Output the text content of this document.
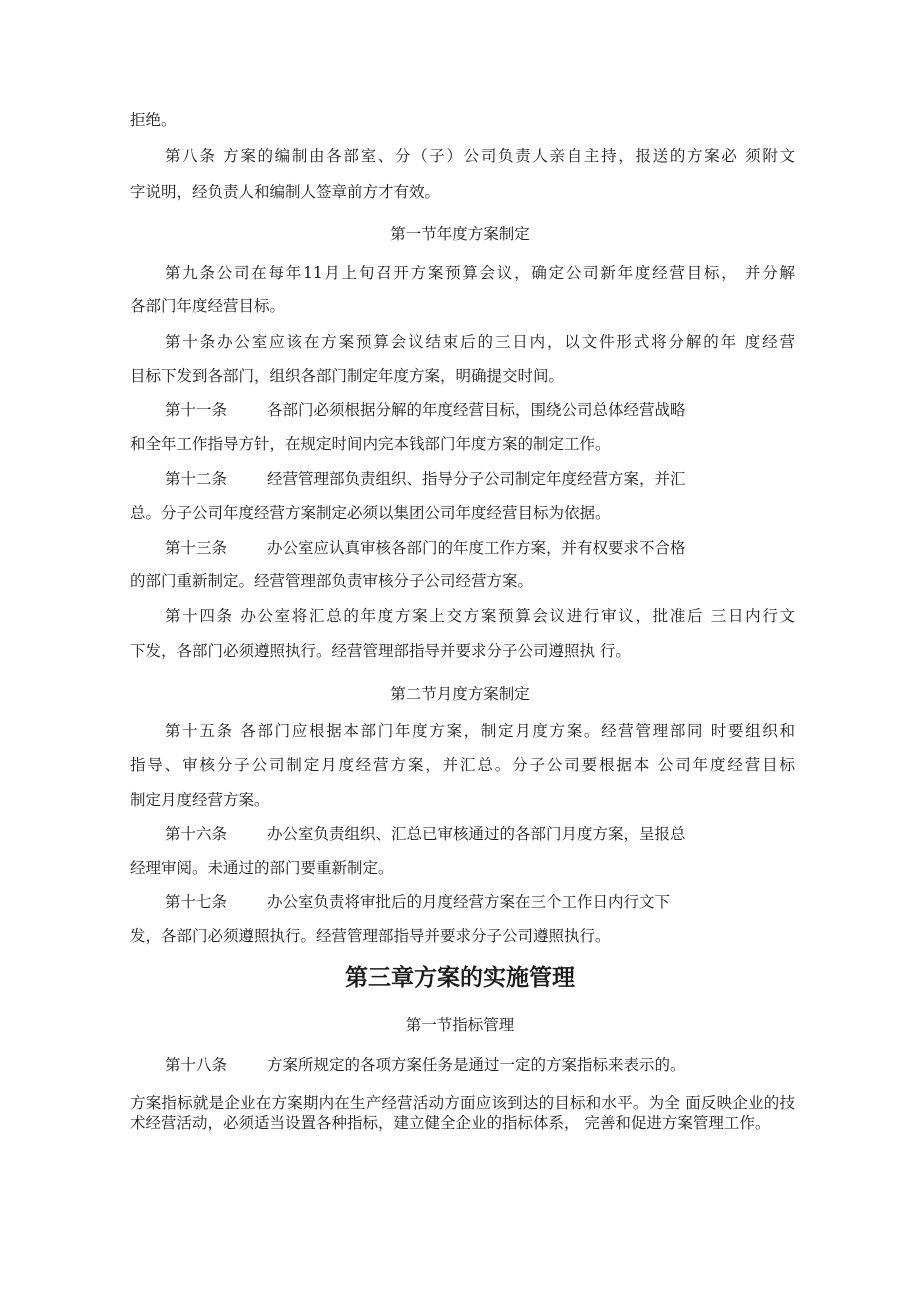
拒绝。
第八条 方案的编制由各部室、分（子）公司负责人亲自主持，报送的方案必 须附文
字说明，经负责人和编制人签章前方才有效。
第一节年度方案制定
第九条公司在每年11月上旬召开方案预算会议，确定公司新年度经营目标， 并分解
各部门年度经营目标。
第十条办公室应该在方案预算会议结束后的三日内，以文件形式将分解的年 度经营
目标下发到各部门，组织各部门制定年度方案，明确提交时间。
第十一条	各部门必须根据分解的年度经营目标，围绕公司总体经营战略
和全年工作指导方针，在规定时间内完本钱部门年度方案的制定工作。
第十二条	经营管理部负责组织、指导分子公司制定年度经营方案，并汇
总。分子公司年度经营方案制定必须以集团公司年度经营目标为依据。
第十三条	办公室应认真审核各部门的年度工作方案，并有权要求不合格
的部门重新制定。经营管理部负责审核分子公司经营方案。
第十四条 办公室将汇总的年度方案上交方案预算会议进行审议，批准后 三日内行文
下发，各部门必须遵照执行。经营管理部指导并要求分子公司遵照执 行。
第二节月度方案制定
第十五条 各部门应根据本部门年度方案，制定月度方案。经营管理部同 时要组织和
指导、审核分子公司制定月度经营方案，并汇总。分子公司要根据本 公司年度经营目标
制定月度经营方案。
第十六条	办公室负责组织、汇总已审核通过的各部门月度方案，呈报总
经理审阅。未通过的部门要重新制定。
第十七条	办公室负责将审批后的月度经营方案在三个工作日内行文下
发，各部门必须遵照执行。经营管理部指导并要求分子公司遵照执行。
第三章方案的实施管理
第一节指标管理
第十八条	方案所规定的各项方案任务是通过一定的方案指标来表示的。
方案指标就是企业在方案期内在生产经营活动方面应该到达的目标和水平。为全 面反映企业的技术经营活动，必须适当设置各种指标，建立健全企业的指标体系， 完善和促进方案管理工作。
